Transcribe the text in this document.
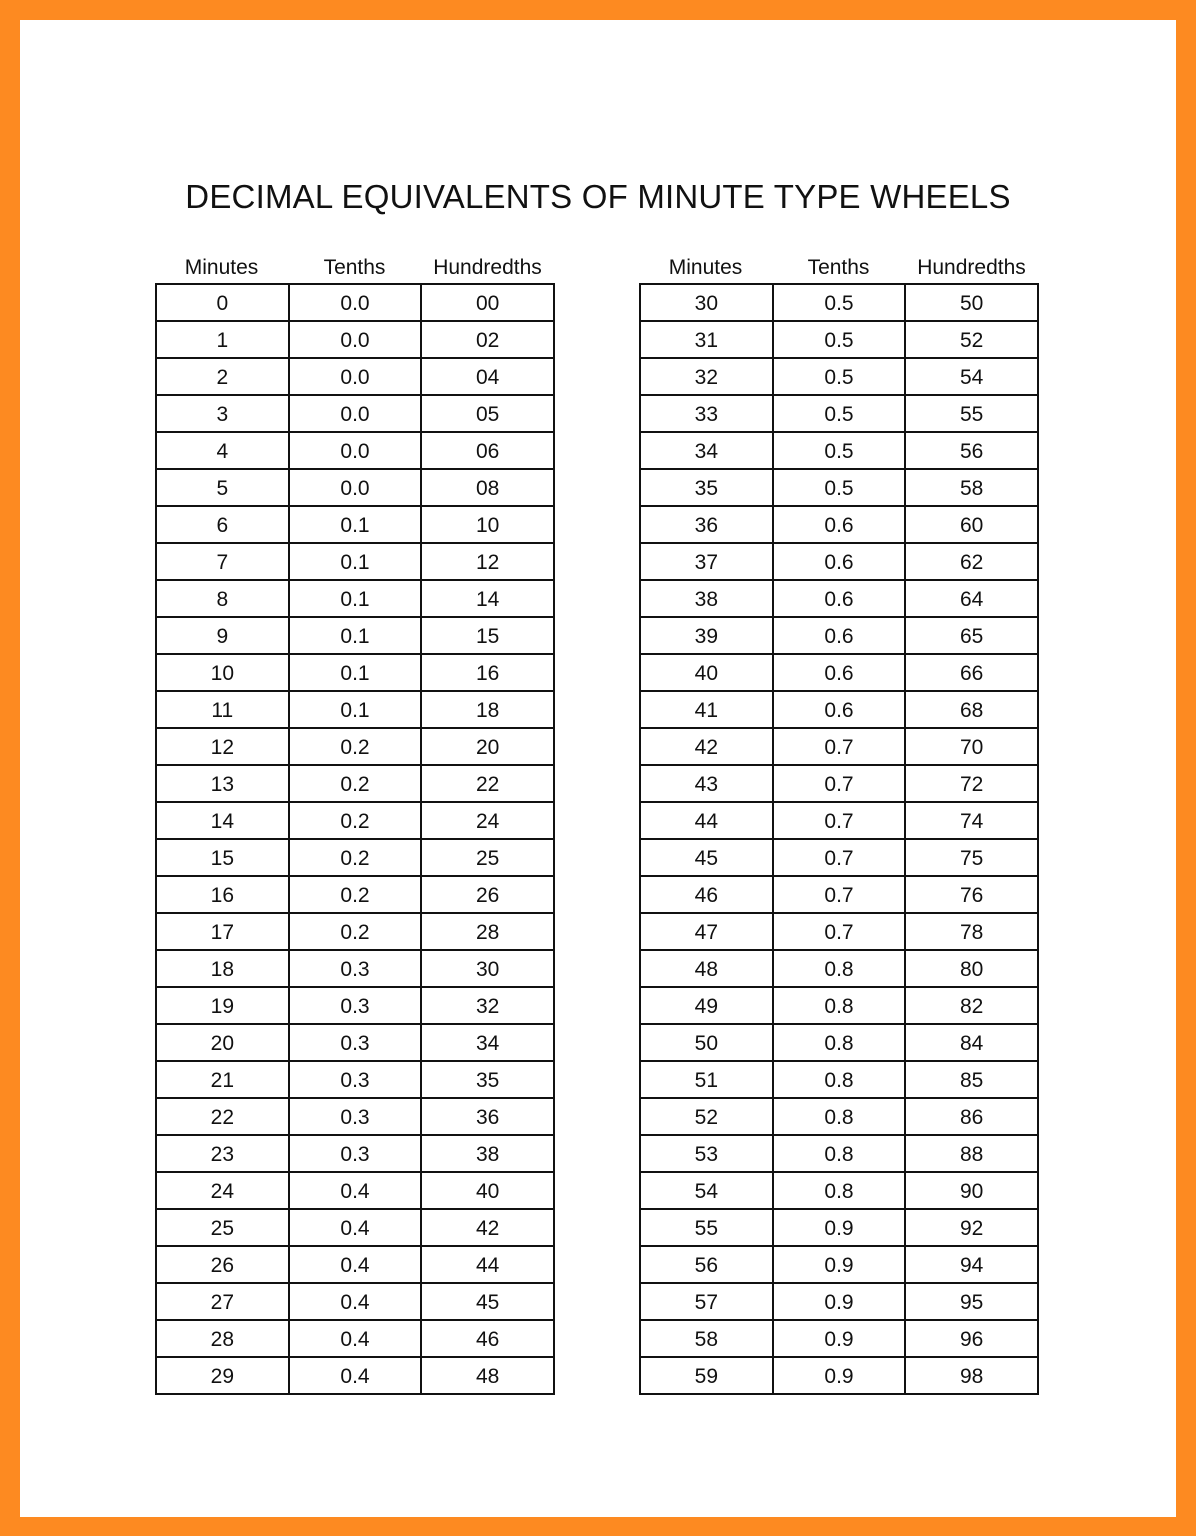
DECIMAL EQUIVALENTS OF MINUTE TYPE WHEELS
Minutes	Tenths	Hundredths
0	0.0	00
1	0.0	02
2	0.0	04
3	0.0	05
4	0.0	06
5	0.0	08
6	0.1	10
7	0.1	12
8	0.1	14
9	0.1	15
10	0.1	16
11	0.1	18
12	0.2	20
13	0.2	22
14	0.2	24
15	0.2	25
16	0.2	26
17	0.2	28
18	0.3	30
19	0.3	32
20	0.3	34
21	0.3	35
22	0.3	36
23	0.3	38
24	0.4	40
25	0.4	42
26	0.4	44
27	0.4	45
28	0.4	46
29	0.4	48
Minutes	Tenths	Hundredths
30	0.5	50
31	0.5	52
32	0.5	54
33	0.5	55
34	0.5	56
35	0.5	58
36	0.6	60
37	0.6	62
38	0.6	64
39	0.6	65
40	0.6	66
41	0.6	68
42	0.7	70
43	0.7	72
44	0.7	74
45	0.7	75
46	0.7	76
47	0.7	78
48	0.8	80
49	0.8	82
50	0.8	84
51	0.8	85
52	0.8	86
53	0.8	88
54	0.8	90
55	0.9	92
56	0.9	94
57	0.9	95
58	0.9	96
59	0.9	98
